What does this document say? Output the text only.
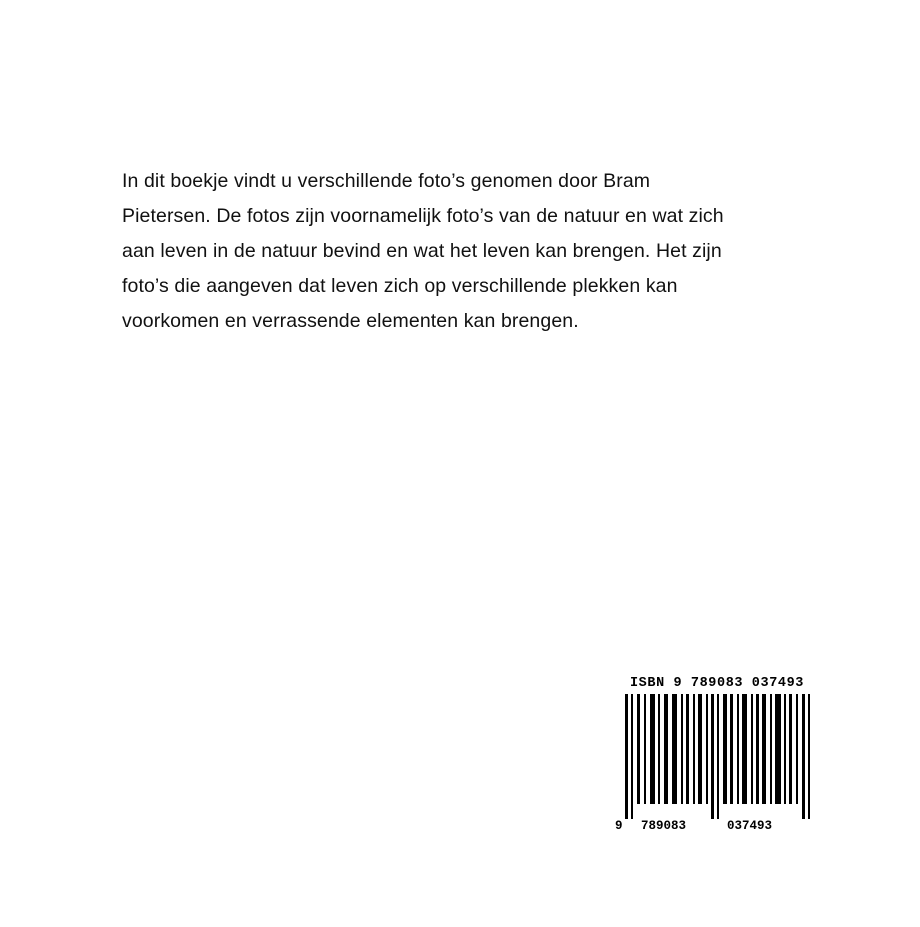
In dit boekje vindt u verschillende foto’s genomen door Bram Pietersen. De fotos zijn voornamelijk foto’s van de natuur en wat zich aan leven in de natuur bevind en wat het leven kan brengen. Het zijn foto’s die aangeven dat leven zich op verschillende plekken kan voorkomen en verrassende elementen kan brengen.

ISBN 9 789083 037493
9 789083	037493
